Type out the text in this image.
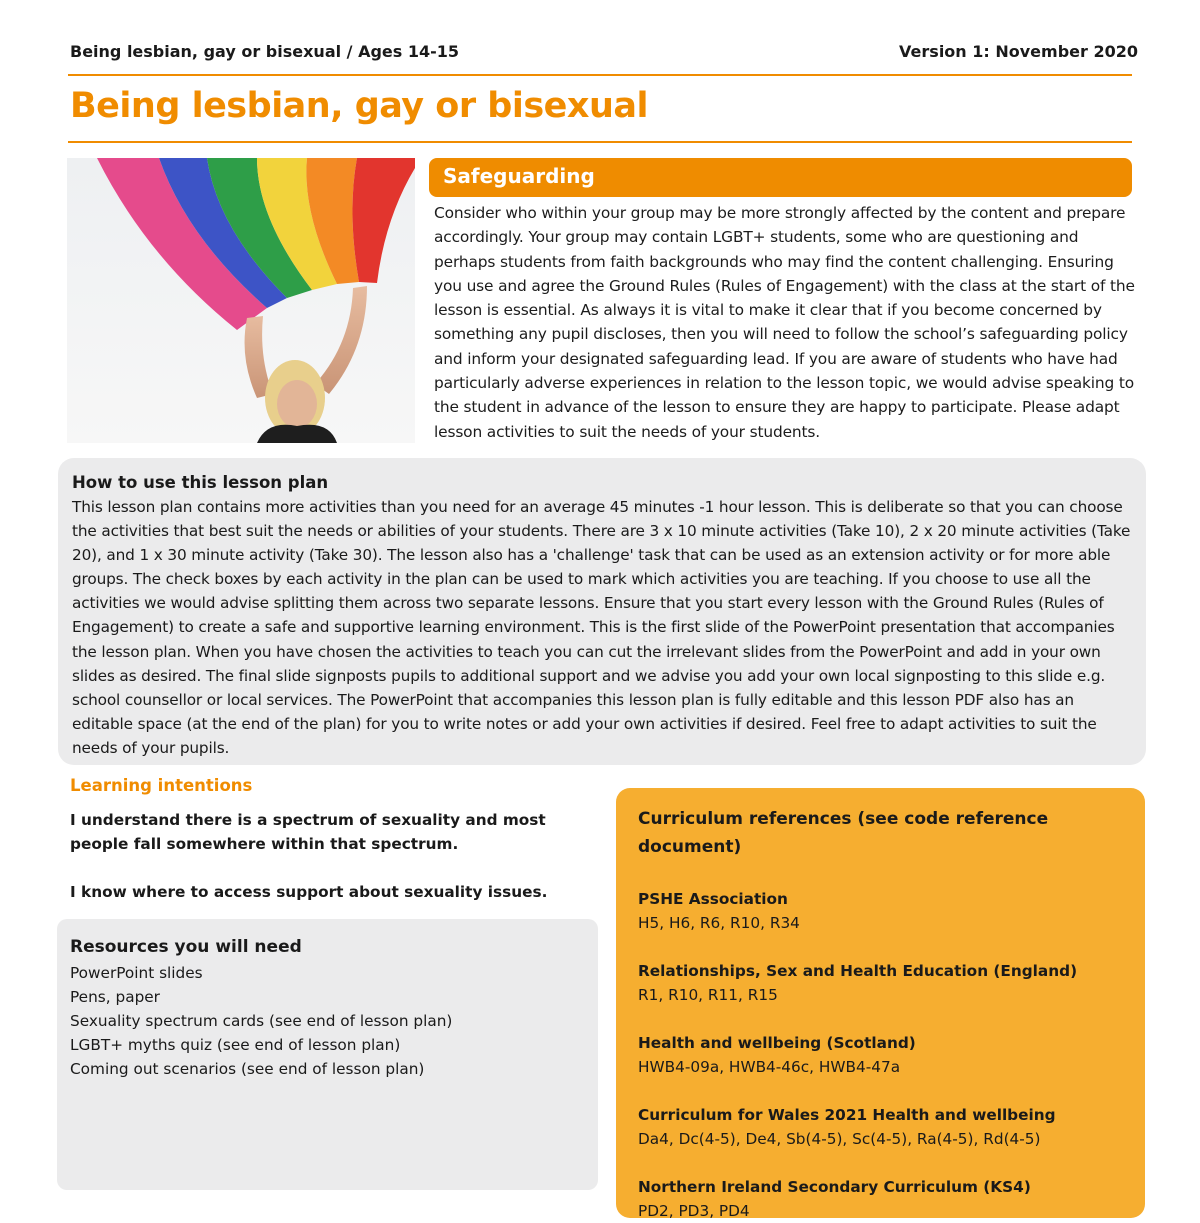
Being lesbian, gay or bisexual / Ages 14-15	Version 1: November 2020
Being lesbian, gay or bisexual
Safeguarding

Consider who within your group may be more strongly affected by the content and prepare accordingly. Your group may contain LGBT+ students, some who are questioning and perhaps students from faith backgrounds who may find the content challenging. Ensuring you use and agree the Ground Rules (Rules of Engagement) with the class at the start of the lesson is essential. As always it is vital to make it clear that if you become concerned by something any pupil discloses, then you will need to follow the school’s safeguarding policy and inform your designated safeguarding lead. If you are aware of students who have had particularly adverse experiences in relation to the lesson topic, we would advise speaking to the student in advance of the lesson to ensure they are happy to participate. Please adapt lesson activities to suit the needs of your students.

How to use this lesson plan

This lesson plan contains more activities than you need for an average 45 minutes -1 hour lesson. This is deliberate so that you can choose the activities that best suit the needs or abilities of your students. There are 3 x 10 minute activities (Take 10), 2 x 20 minute activities (Take 20), and 1 x 30 minute activity (Take 30). The lesson also has a 'challenge' task that can be used as an extension activity or for more able groups. The check boxes by each activity in the plan can be used to mark which activities you are teaching. If you choose to use all the activities we would advise splitting them across two separate lessons. Ensure that you start every lesson with the Ground Rules (Rules of Engagement) to create a safe and supportive learning environment. This is the first slide of the PowerPoint presentation that accompanies the lesson plan. When you have chosen the activities to teach you can cut the irrelevant slides from the PowerPoint and add in your own slides as desired. The final slide signposts pupils to additional support and we advise you add your own local signposting to this slide e.g. school counsellor or local services. The PowerPoint that accompanies this lesson plan is fully editable and this lesson PDF also has an editable space (at the end of the plan) for you to write notes or add your own activities if desired. Feel free to adapt activities to suit the needs of your pupils.

Learning intentions

I understand there is a spectrum of sexuality and most people fall somewhere within that spectrum.

I know where to access support about sexuality issues.

Resources you will need
PowerPoint slides
Pens, paper
Sexuality spectrum cards (see end of lesson plan)
LGBT+ myths quiz (see end of lesson plan)
Coming out scenarios (see end of lesson plan)
Curriculum references (see code reference document)
PSHE Association
H5, H6, R6, R10, R34
Relationships, Sex and Health Education (England)
R1, R10, R11, R15
Health and wellbeing (Scotland)
HWB4-09a, HWB4-46c, HWB4-47a
Curriculum for Wales 2021 Health and wellbeing
Da4, Dc(4-5), De4, Sb(4-5), Sc(4-5), Ra(4-5), Rd(4-5)
Northern Ireland Secondary Curriculum (KS4)
PD2, PD3, PD4
